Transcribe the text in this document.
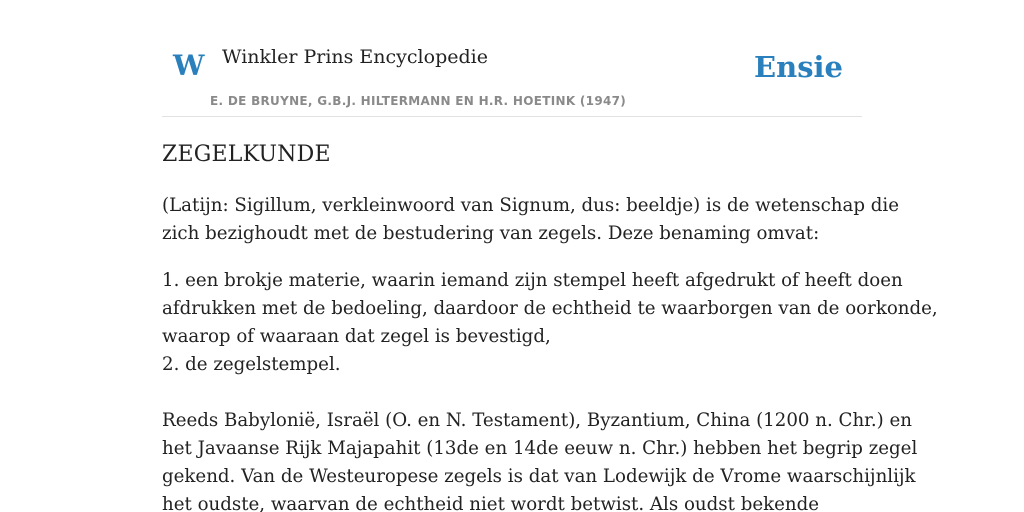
W Winkler Prins Encyclopedie
E. DE BRUYNE, G.B.J. HILTERMANN EN H.R. HOETINK (1947)
Ensie
ZEGELKUNDE

(Latijn: Sigillum, verkleinwoord van Signum, dus: beeldje) is de wetenschap die
zich bezighoudt met de bestudering van zegels. Deze benaming omvat:

1. een brokje materie, waarin iemand zijn stempel heeft afgedrukt of heeft doen
afdrukken met de bedoeling, daardoor de echtheid te waarborgen van de oorkonde,
waarop of waaraan dat zegel is bevestigd,
2. de zegelstempel.

Reeds Babylonië, Israël (O. en N. Testament), Byzantium, China (1200 n. Chr.) en
het Javaanse Rijk Majapahit (13de en 14de eeuw n. Chr.) hebben het begrip zegel
gekend. Van de Westeuropese zegels is dat van Lodewijk de Vrome waarschijnlijk
het oudste, waarvan de echtheid niet wordt betwist. Als oudst bekende
